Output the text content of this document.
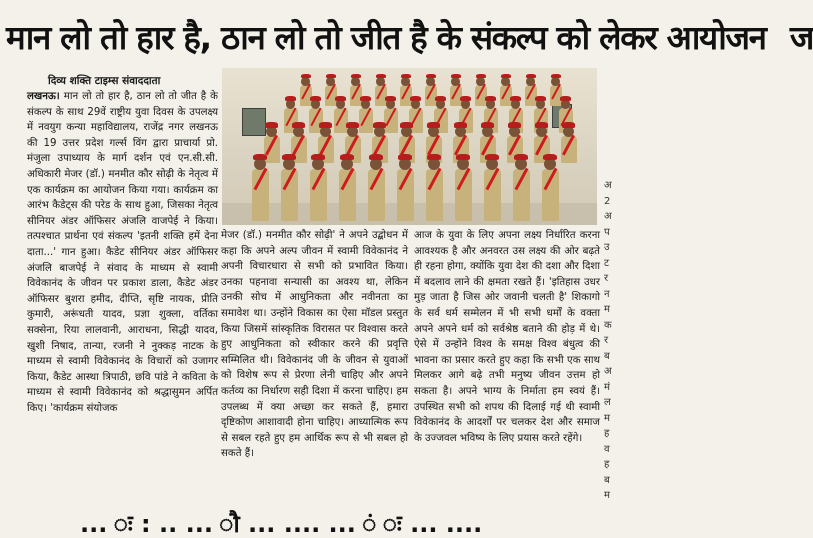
मान लो तो हार है, ठान लो तो जीत है के संकल्प को लेकर आयोजन ज
दिव्य शक्ति टाइम्स संवाददाता
लखनऊ। मान लो तो हार है, ठान लो तो जीत है के संकल्प के साथ 29वें राष्ट्रीय युवा दिवस के उपलक्ष्य में नवयुग कन्या महाविद्यालय, राजेंद्र नगर लखनऊ की 19 उत्तर प्रदेश गर्ल्स विंग द्वारा प्राचार्या प्रो. मंजुला उपाध्याय के मार्ग दर्शन एवं एन.सी.सी. अधिकारी मेजर (डॉ.) मनमीत कौर सोढ़ी के नेतृत्व में एक कार्यक्रम का आयोजन किया गया। कार्यक्रम का आरंभ कैडेट्स की परेड के साथ हुआ, जिसका नेतृत्व सीनियर अंडर ऑफिसर अंजलि वाजपेई ने किया। तत्पश्चात प्रार्थना एवं संकल्प 'इतनी शक्ति हमें देना दाता...' गान हुआ। कैडेट सीनियर अंडर ऑफिसर अंजलि बाजपेई ने संवाद के माध्यम से स्वामी विवेकानंद के जीवन पर प्रकाश डाला, कैडेट अंडर ऑफिसर बुशरा हमीद, दीप्ति, सृष्टि नायक, प्रीति कुमारी, अरूंधती यादव, प्रज्ञा शुक्ला, वर्तिका सक्सेना, रिया लालवानी, आराधना, सिद्धी यादव, खुशी निषाद, तान्या, रजनी ने नुक्कड़ नाटक के माध्यम से स्वामी विवेकानंद के विचारों को उजागर किया, कैडेट आस्था त्रिपाठी, छवि पांडे ने कविता के माध्यम से स्वामी विवेकानंद को श्रद्धासुमन अर्पित किए। 'कार्यक्रम संयोजक
मेजर (डॉ.) मनमीत कौर सोढ़ी' ने अपने उद्बोधन में कहा कि अपने अल्प जीवन में स्वामी विवेकानंद ने अपनी विचारधारा से सभी को प्रभावित किया। उनका पहनावा सन्यासी का अवश्य था, लेकिन उनकी सोच में आधुनिकता और नवीनता का समावेश था। उन्होंने विकास का ऐसा मॉडल प्रस्तुत किया जिसमें सांस्कृतिक विरासत पर विश्वास करते हुए आधुनिकता को स्वीकार करने की प्रवृत्ति सम्मिलित थी। विवेकानंद जी के जीवन से युवाओं को विशेष रूप से प्रेरणा लेनी चाहिए और अपने कर्तव्य का निर्धारण सही दिशा में करना चाहिए। हम उपलब्ध में क्या अच्छा कर सकते हैं, हमारा दृष्टिकोण आशावादी होना चाहिए। आध्यात्मिक रूप से सबल रहते हुए हम आर्थिक रूप से भी सबल हो सकते हैं।
आज के युवा के लिए अपना लक्ष्य निर्धारित करना आवश्यक है और अनवरत उस लक्ष्य की ओर बढ़ते ही रहना होगा, क्योंकि युवा देश की दशा और दिशा में बदलाव लाने की क्षमता रखते हैं। 'इतिहास उधर मुड़ जाता है जिस ओर जवानी चलती है' शिकागो के सर्व धर्म सम्मेलन में भी सभी धर्मों के वक्ता अपने अपने धर्म को सर्वश्रेष्ठ बताने की होड़ में थे। ऐसे में उन्होंने विश्व के समक्ष विश्व बंधुत्व की भावना का प्रसार करते हुए कहा कि सभी एक साथ मिलकर आगे बढ़े तभी मनुष्य जीवन उत्तम हो सकता है। अपने भाग्य के निर्माता हम स्वयं हैं। उपस्थित सभी को शपथ की दिलाई गई थी स्वामी विवेकानंद के आदर्शों पर चलकर देश और समाज के उज्जवल भविष्य के लिए प्रयास करते रहेंगे।
अ
2
अ
प
उ
ट
र
न
म
क
र
ब
अ
मं
ल
म
ह
व
ह
ब
म
... ः : .. ... ौ ... .... ... ं ः ... ....
